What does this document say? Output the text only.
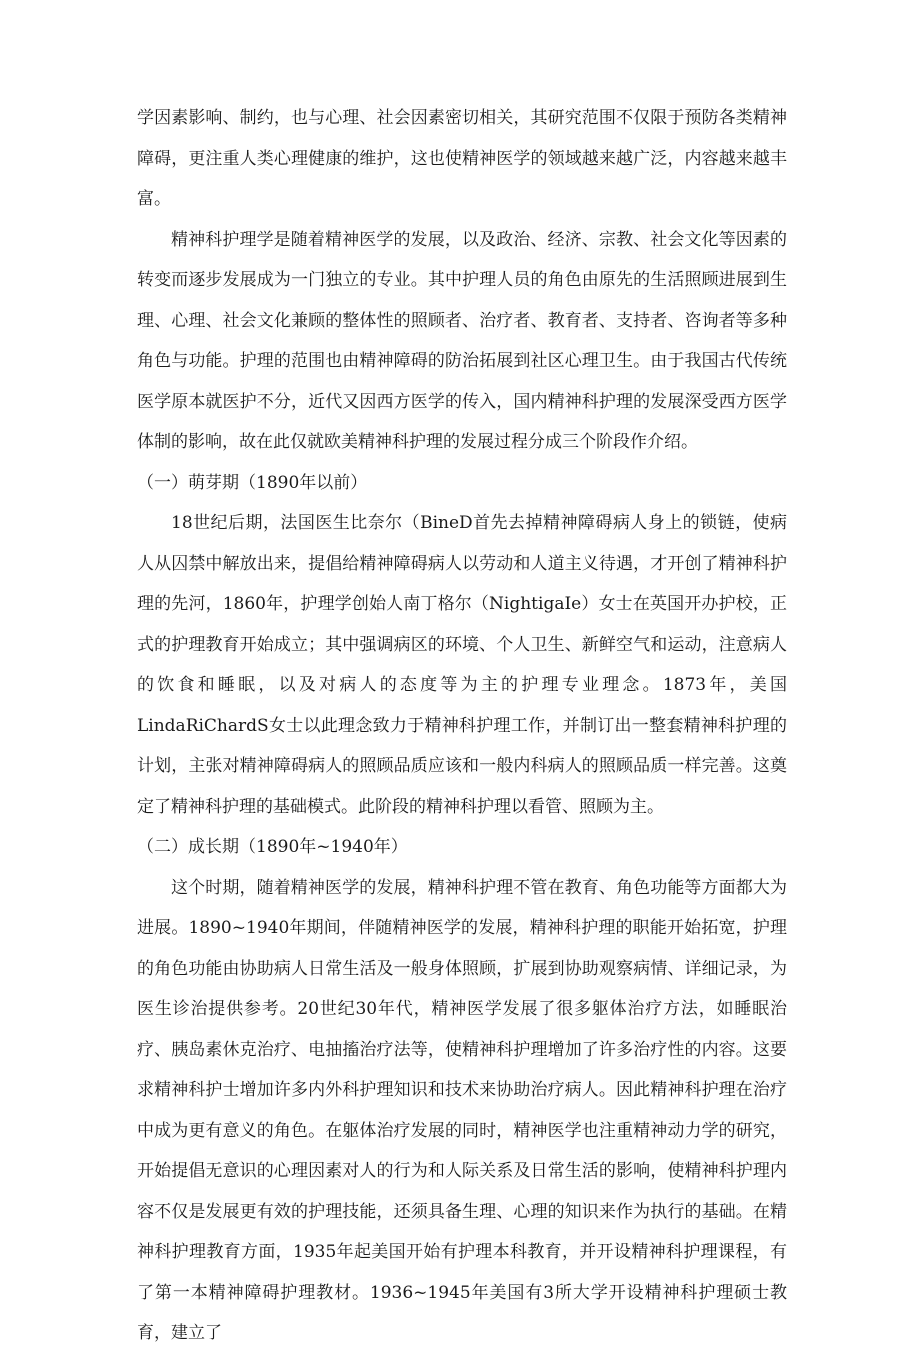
学因素影响、制约，也与心理、社会因素密切相关，其研究范围不仅限于预防各类精神障碍，更注重人类心理健康的维护，这也使精神医学的领域越来越广泛，内容越来越丰富。

精神科护理学是随着精神医学的发展，以及政治、经济、宗教、社会文化等因素的转变而逐步发展成为一门独立的专业。其中护理人员的角色由原先的生活照顾进展到生理、心理、社会文化兼顾的整体性的照顾者、治疗者、教育者、支持者、咨询者等多种角色与功能。护理的范围也由精神障碍的防治拓展到社区心理卫生。由于我国古代传统医学原本就医护不分，近代又因西方医学的传入，国内精神科护理的发展深受西方医学体制的影响，故在此仅就欧美精神科护理的发展过程分成三个阶段作介绍。

（一）萌芽期（1890年以前）

18世纪后期，法国医生比奈尔（BineD首先去掉精神障碍病人身上的锁链，使病人从囚禁中解放出来，提倡给精神障碍病人以劳动和人道主义待遇，才开创了精神科护理的先河，1860年，护理学创始人南丁格尔（NightigaIe）女士在英国开办护校，正式的护理教育开始成立；其中强调病区的环境、个人卫生、新鲜空气和运动，注意病人的饮食和睡眠，以及对病人的态度等为主的护理专业理念。1873年，美国LindaRiChardS女士以此理念致力于精神科护理工作，并制订出一整套精神科护理的计划，主张对精神障碍病人的照顾品质应该和一般内科病人的照顾品质一样完善。这奠定了精神科护理的基础模式。此阶段的精神科护理以看管、照顾为主。

（二）成长期（1890年~1940年）

这个时期，随着精神医学的发展，精神科护理不管在教育、角色功能等方面都大为进展。1890~1940年期间，伴随精神医学的发展，精神科护理的职能开始拓宽，护理的角色功能由协助病人日常生活及一般身体照顾，扩展到协助观察病情、详细记录，为医生诊治提供参考。20世纪30年代，精神医学发展了很多躯体治疗方法，如睡眠治疗、胰岛素休克治疗、电抽搐治疗法等，使精神科护理增加了许多治疗性的内容。这要求精神科护士增加许多内外科护理知识和技术来协助治疗病人。因此精神科护理在治疗中成为更有意义的角色。在躯体治疗发展的同时，精神医学也注重精神动力学的研究，开始提倡无意识的心理因素对人的行为和人际关系及日常生活的影响，使精神科护理内容不仅是发展更有效的护理技能，还须具备生理、心理的知识来作为执行的基础。在精神科护理教育方面，1935年起美国开始有护理本科教育，并开设精神科护理课程，有了第一本精神障碍护理教材。1936~1945年美国有3所大学开设精神科护理硕士教育，建立了
